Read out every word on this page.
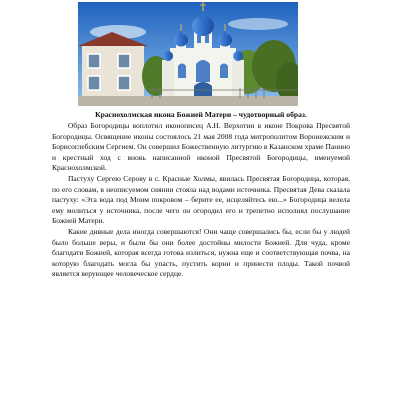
Краснохолмская икона Божией Матери – чудотворный образ.

Образ Богородицы воплотил иконописец А.Н. Верхотин в иконе Покрова Пресвятой Богородицы. Освящение иконы состоялось 21 мая 2008 года митрополитом Воронежским и Борисоглебским Сергием. Он совершил Божественную литургию в Казанском храме Панино и крестный ход с вновь написанной иконой Пресвятой Богородицы, именуемой Краснохолмской.

Пастуху Сергею Серову в с. Красные Холмы, явилась Пресвятая Богородица, которая, по его словам, в неописуемом сиянии стояла над водами источника. Пресвятая Дева сказала пастуху: «Эта вода под Моим покровом – берите ее, исцеляйтесь ею...» Богородица велела ему молиться у источника, после чего он огородил его и трепетно исполнял послушание Божией Матери.

Какие дивные дела иногда совершаются! Они чаще совершались бы, если бы у людей было больше веры, и были бы они более достойны милости Божией. Для чуда, кроме благодати Божией, которая всегда готова излиться, нужна еще и соответствующая почва, на которую благодать могла бы упасть, пустить корни и принести плоды. Такой почвой является верующее человеческое сердце.
